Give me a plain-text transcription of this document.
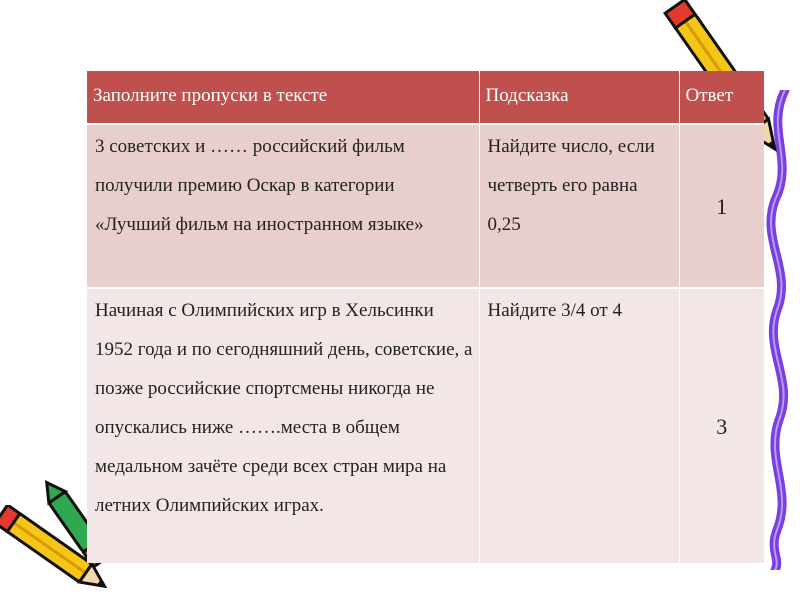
Заполните пропуски в тексте	Подсказка	Ответ
3 советских и …… российский фильм получили премию Оскар в категории «Лучший фильм на иностранном языке»	Найдите число, если четверть его равна 0,25	1
Начиная с Олимпийских игр в Хельсинки 1952 года и по сегодняшний день, советские, а позже российские спортсмены никогда не опускались ниже …….места в общем медальном зачёте среди всех стран мира на летних Олимпийских играх.	Найдите 3/4 от 4	3
